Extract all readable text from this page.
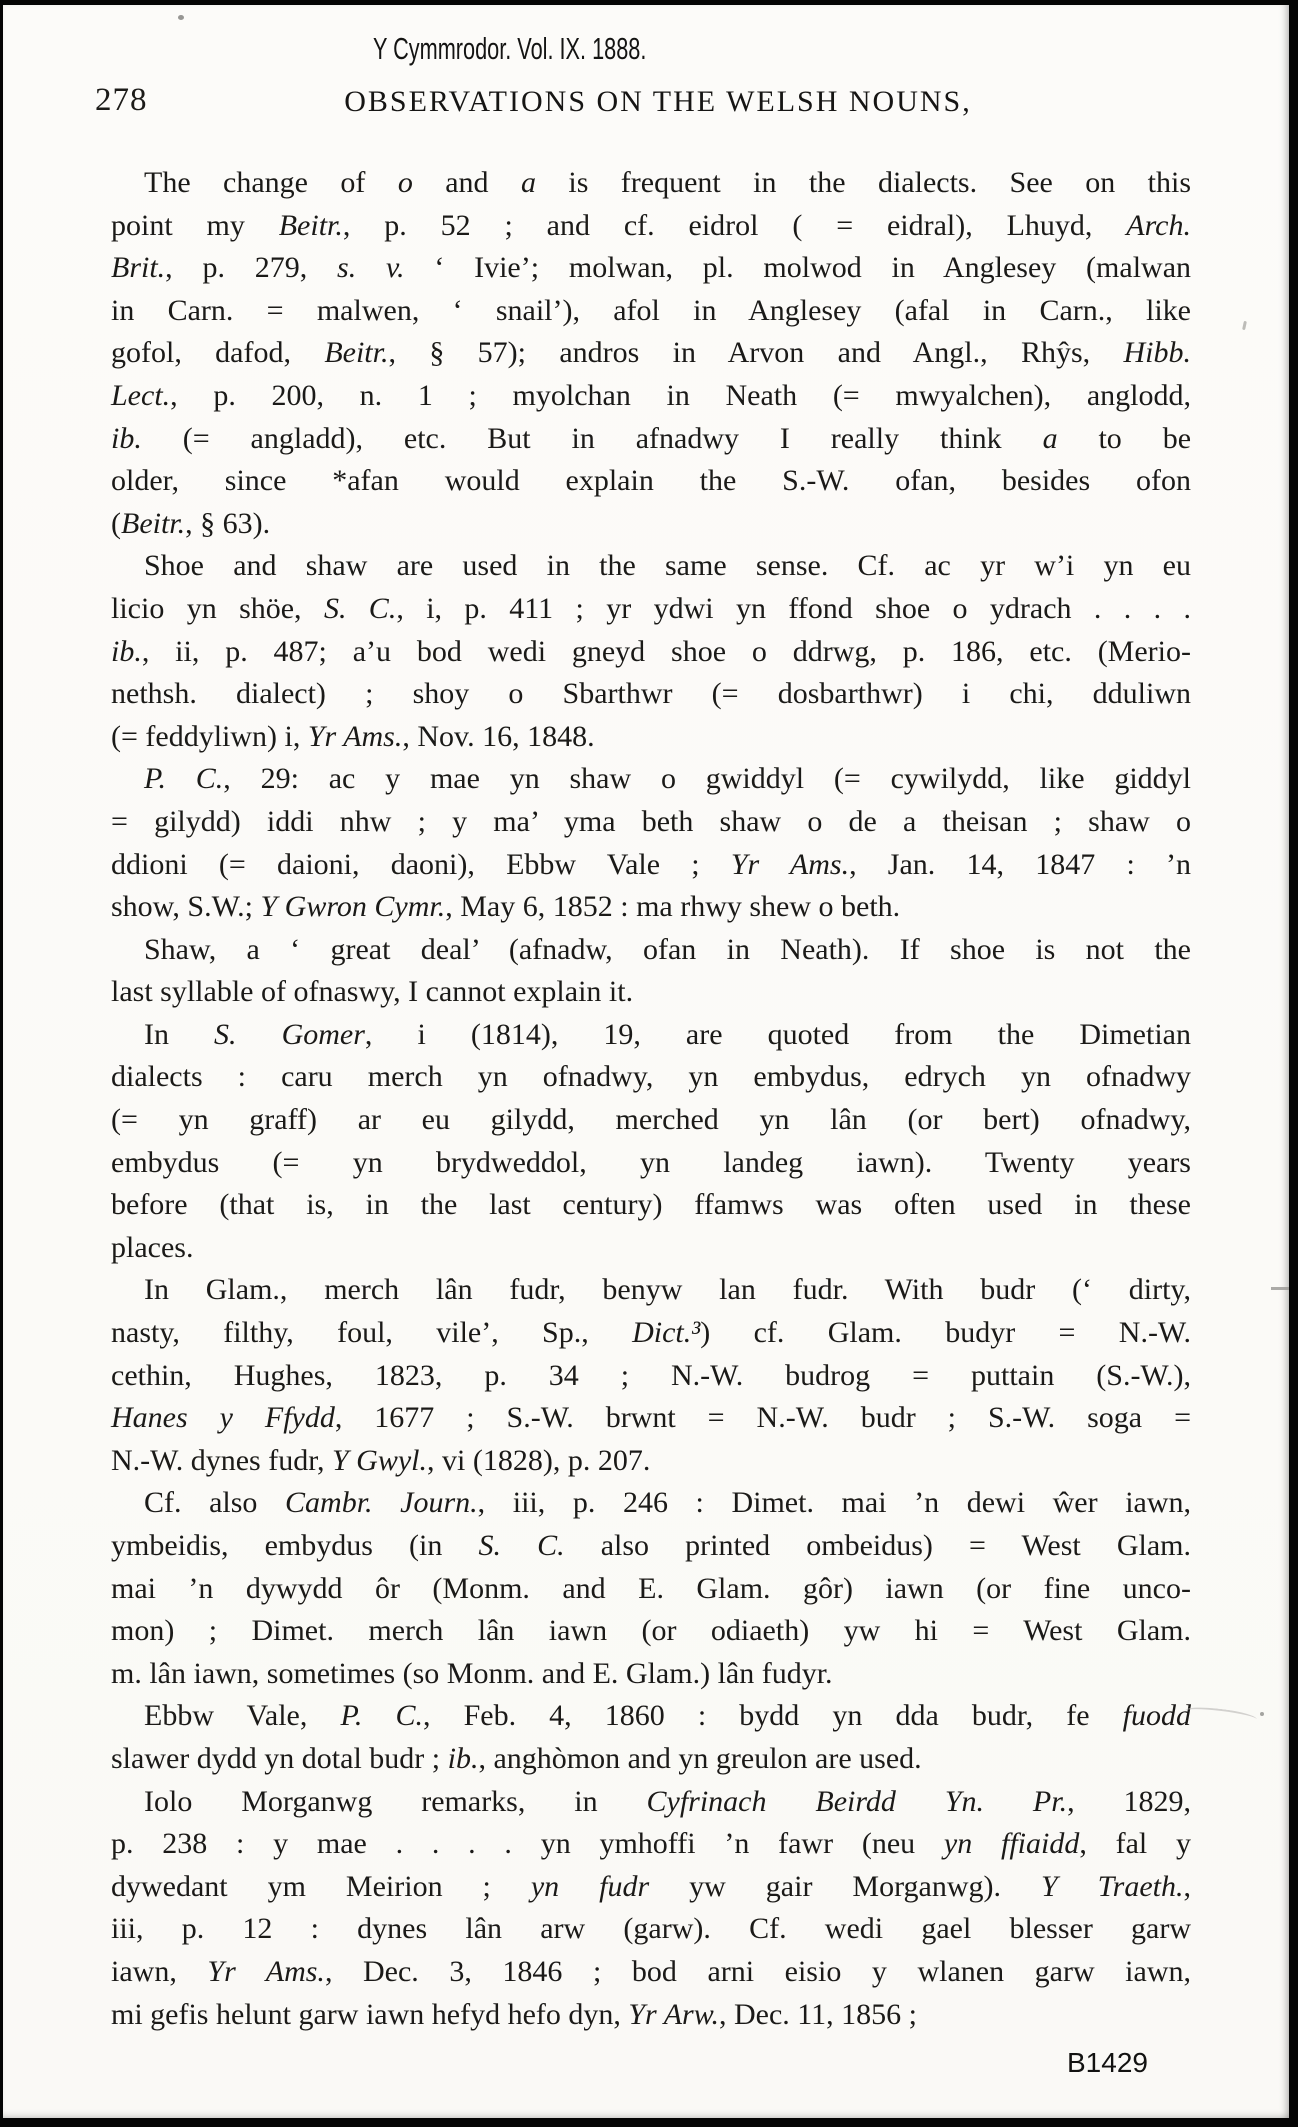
Y Cymmrodor. Vol. IX. 1888.
278	OBSERVATIONS ON THE WELSH NOUNS,
The change of o and a is frequent in the dialects. See on this
point my Beitr., p. 52 ; and cf. eidrol ( = eidral), Lhuyd, Arch.
Brit., p. 279, s. v. ‘ Ivie’; molwan, pl. molwod in Anglesey (malwan
in Carn. = malwen, ‘ snail’), afol in Anglesey (afal in Carn., like
gofol, dafod, Beitr., § 57); andros in Arvon and Angl., Rhŷs, Hibb.
Lect., p. 200, n. 1 ; myolchan in Neath (= mwyalchen), anglodd,
ib. (= angladd), etc. But in afnadwy I really think a to be
older, since *afan would explain the S.-W. ofan, besides ofon
(Beitr., § 63).
Shoe and shaw are used in the same sense. Cf. ac yr w’i yn eu
licio yn shöe, S. C., i, p. 411 ; yr ydwi yn ffond shoe o ydrach . . . .
ib., ii, p. 487; a’u bod wedi gneyd shoe o ddrwg, p. 186, etc. (Merio-
nethsh. dialect) ; shoy o Sbarthwr (= dosbarthwr) i chi, dduliwn
(= feddyliwn) i, Yr Ams., Nov. 16, 1848.
P. C., 29: ac y mae yn shaw o gwiddyl (= cywilydd, like giddyl
= gilydd) iddi nhw ; y ma’ yma beth shaw o de a theisan ; shaw o
ddioni (= daioni, daoni), Ebbw Vale ; Yr Ams., Jan. 14, 1847 : ’n
show, S.W.; Y Gwron Cymr., May 6, 1852 : ma rhwy shew o beth.
Shaw, a ‘ great deal’ (afnadw, ofan in Neath). If shoe is not the
last syllable of ofnaswy, I cannot explain it.
In S. Gomer, i (1814), 19, are quoted from the Dimetian
dialects : caru merch yn ofnadwy, yn embydus, edrych yn ofnadwy
(= yn graff) ar eu gilydd, merched yn lân (or bert) ofnadwy,
embydus (= yn brydweddol, yn landeg iawn). Twenty years
before (that is, in the last century) ffamws was often used in these
places.
In Glam., merch lân fudr, benyw lan fudr. With budr (‘ dirty,
nasty, filthy, foul, vile’, Sp., Dict.³) cf. Glam. budyr = N.-W.
cethin, Hughes, 1823, p. 34 ; N.-W. budrog = puttain (S.-W.),
Hanes y Ffydd, 1677 ; S.-W. brwnt = N.-W. budr ; S.-W. soga =
N.-W. dynes fudr, Y Gwyl., vi (1828), p. 207.
Cf. also Cambr. Journ., iii, p. 246 : Dimet. mai ’n dewi ŵer iawn,
ymbeidis, embydus (in S. C. also printed ombeidus) = West Glam.
mai ’n dywydd ôr (Monm. and E. Glam. gôr) iawn (or fine unco-
mon) ; Dimet. merch lân iawn (or odiaeth) yw hi = West Glam.
m. lân iawn, sometimes (so Monm. and E. Glam.) lân fudyr.
Ebbw Vale, P. C., Feb. 4, 1860 : bydd yn dda budr, fe fuodd
slawer dydd yn dotal budr ; ib., anghòmon and yn greulon are used.
Iolo Morganwg remarks, in Cyfrinach Beirdd Yn. Pr., 1829,
p. 238 : y mae . . . . yn ymhoffi ’n fawr (neu yn ffiaidd, fal y
dywedant ym Meirion ; yn fudr yw gair Morganwg). Y Traeth.,
iii, p. 12 : dynes lân arw (garw). Cf. wedi gael blesser garw
iawn, Yr Ams., Dec. 3, 1846 ; bod arni eisio y wlanen garw iawn,
mi gefis helunt garw iawn hefyd hefo dyn, Yr Arw., Dec. 11, 1856 ;
B1429
